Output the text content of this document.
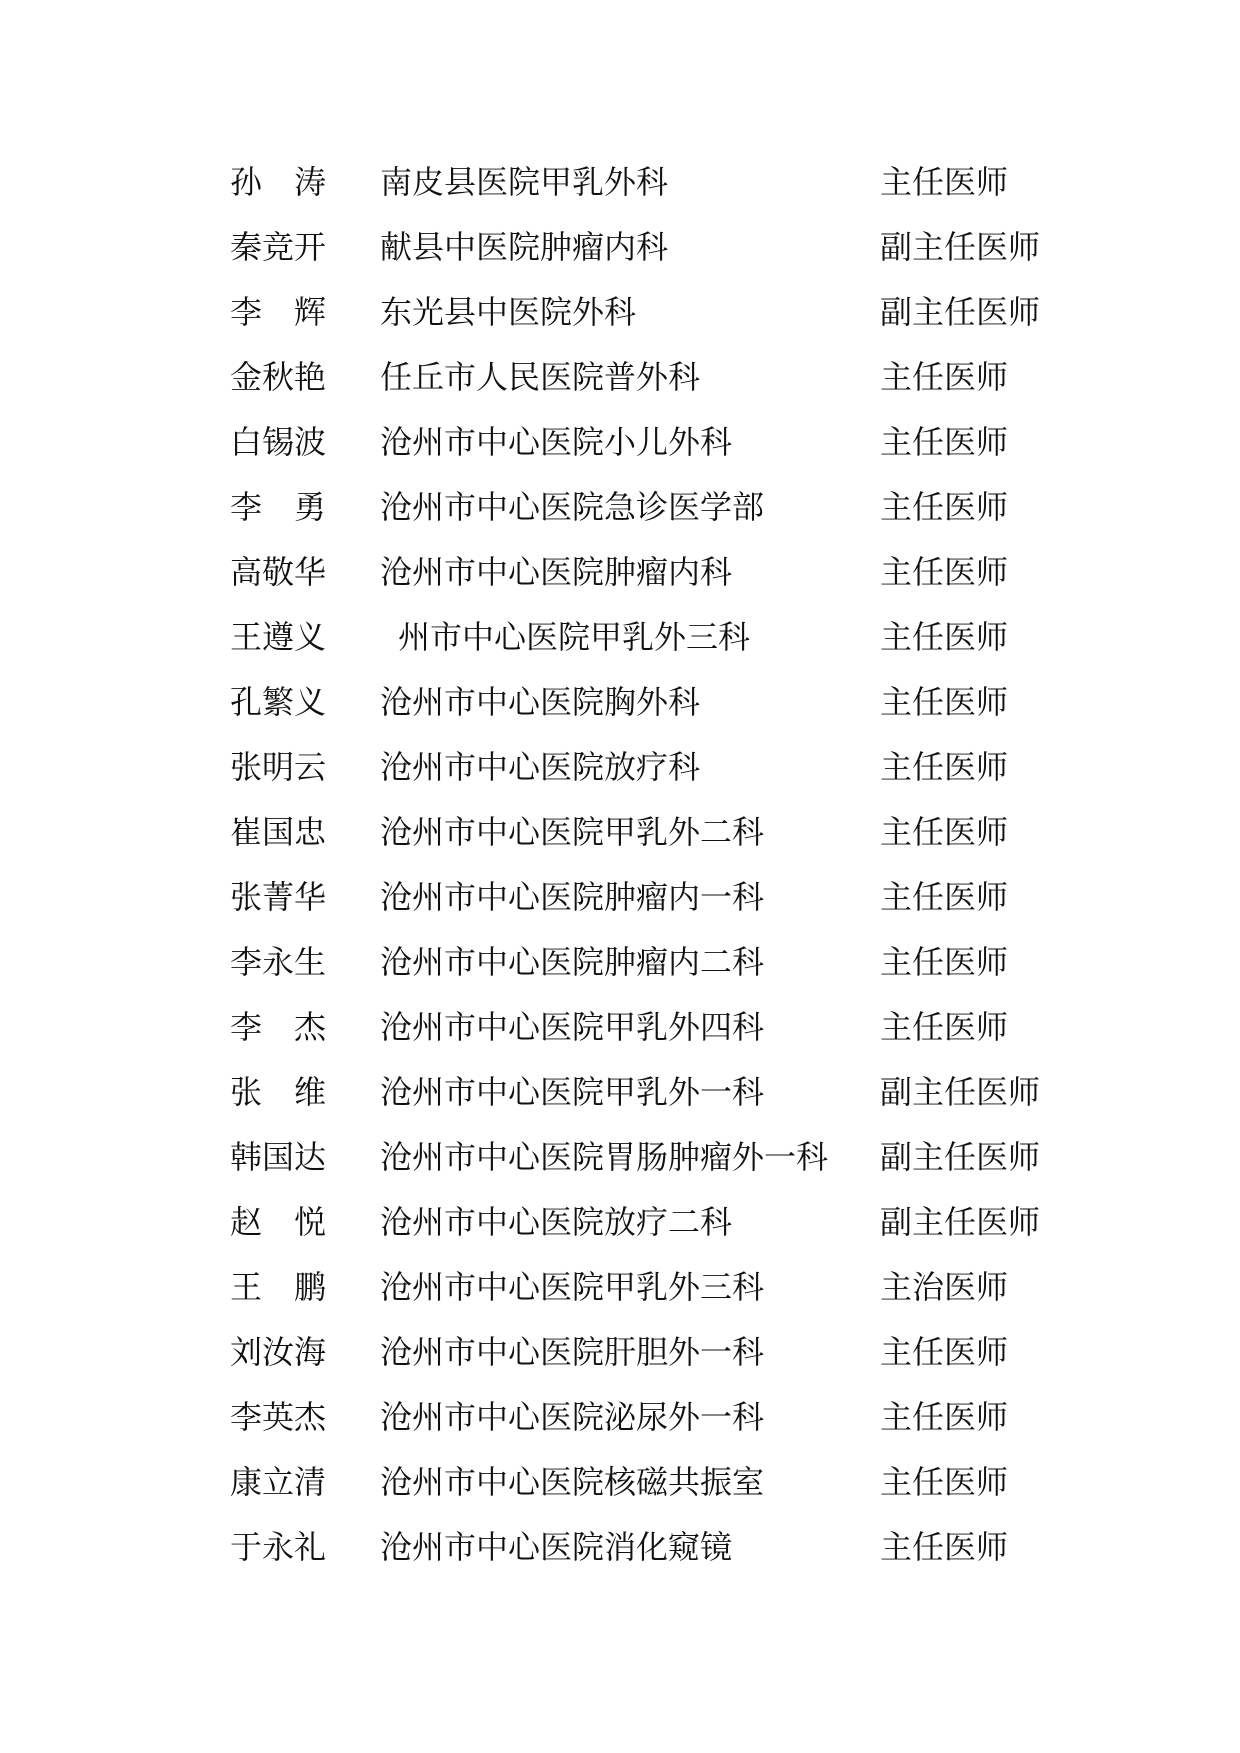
孙　涛	南皮县医院甲乳外科	主任医师
秦竞开	献县中医院肿瘤内科	副主任医师
李　辉	东光县中医院外科	副主任医师
金秋艳	任丘市人民医院普外科	主任医师
白锡波	沧州市中心医院小儿外科	主任医师
李　勇	沧州市中心医院急诊医学部	主任医师
高敬华	沧州市中心医院肿瘤内科	主任医师
王遵义	州市中心医院甲乳外三科	主任医师
孔繁义	沧州市中心医院胸外科	主任医师
张明云	沧州市中心医院放疗科	主任医师
崔国忠	沧州市中心医院甲乳外二科	主任医师
张菁华	沧州市中心医院肿瘤内一科	主任医师
李永生	沧州市中心医院肿瘤内二科	主任医师
李　杰	沧州市中心医院甲乳外四科	主任医师
张　维	沧州市中心医院甲乳外一科	副主任医师
韩国达	沧州市中心医院胃肠肿瘤外一科 副主任医师
赵　悦	沧州市中心医院放疗二科	副主任医师
王　鹏	沧州市中心医院甲乳外三科	主治医师
刘汝海	沧州市中心医院肝胆外一科	主任医师
李英杰	沧州市中心医院泌尿外一科	主任医师
康立清	沧州市中心医院核磁共振室	主任医师
于永礼	沧州市中心医院消化窥镜	主任医师
